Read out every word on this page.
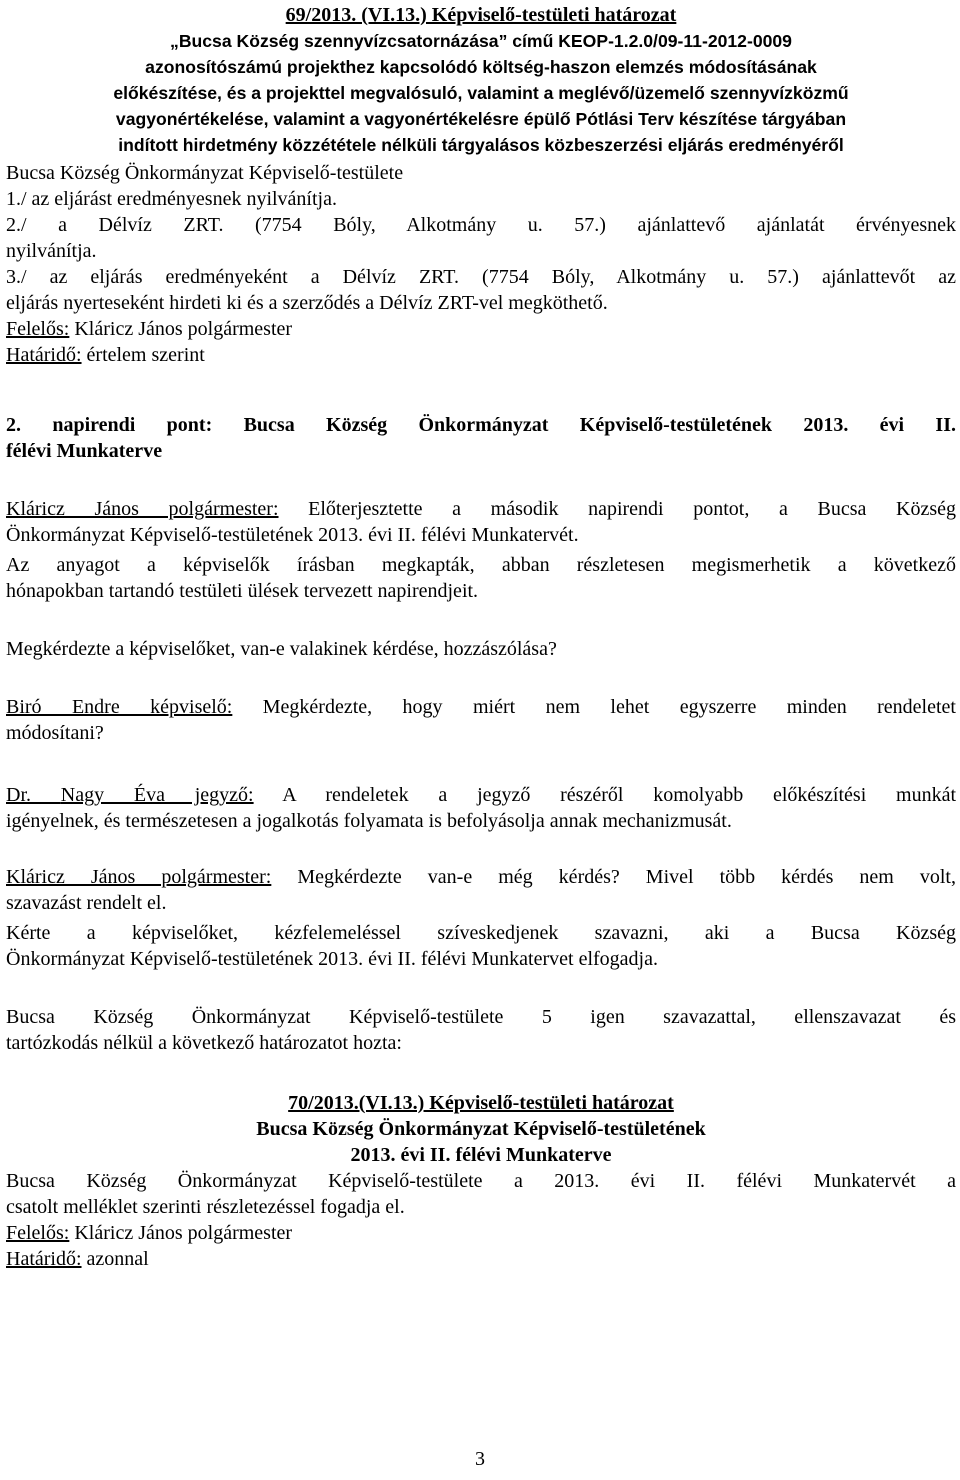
69/2013. (VI.13.) Képviselő-testületi határozat

„Bucsa Község szennyvízcsatornázása” című KEOP-1.2.0/09-11-2012-0009

azonosítószámú projekthez kapcsolódó költség-haszon elemzés módosításának

előkészítése, és a projekttel megvalósuló, valamint a meglévő/üzemelő szennyvízközmű

vagyonértékelése, valamint a vagyonértékelésre épülő Pótlási Terv készítése tárgyában

indított hirdetmény közzététele nélküli tárgyalásos közbeszerzési eljárás eredményéről

Bucsa Község Önkormányzat Képviselő-testülete

1./ az eljárást eredményesnek nyilvánítja.

2./ a Délvíz ZRT. (7754 Bóly, Alkotmány u. 57.) ajánlattevő ajánlatát érvényesnek

nyilvánítja.

3./ az eljárás eredményeként a Délvíz ZRT. (7754 Bóly, Alkotmány u. 57.) ajánlattevőt az

eljárás nyerteseként hirdeti ki és a szerződés a Délvíz ZRT-vel megköthető.

Felelős: Kláricz János polgármester

Határidő: értelem szerint

2. napirendi pont: Bucsa Község Önkormányzat Képviselő-testületének 2013. évi II.

félévi Munkaterve

Kláricz János polgármester: Előterjesztette a második napirendi pontot, a Bucsa Község

Önkormányzat Képviselő-testületének 2013. évi II. félévi Munkatervét.

Az anyagot a képviselők írásban megkapták, abban részletesen megismerhetik a következő

hónapokban tartandó testületi ülések tervezett napirendjeit.

Megkérdezte a képviselőket, van-e valakinek kérdése, hozzászólása?

Biró Endre képviselő: Megkérdezte, hogy miért nem lehet egyszerre minden rendeletet

módosítani?

Dr. Nagy Éva jegyző: A rendeletek a jegyző részéről komolyabb előkészítési munkát

igényelnek, és természetesen a jogalkotás folyamata is befolyásolja annak mechanizmusát.

Kláricz János polgármester: Megkérdezte van-e még kérdés? Mivel több kérdés nem volt,

szavazást rendelt el.

Kérte a képviselőket, kézfelemeléssel szíveskedjenek szavazni, aki a Bucsa Község

Önkormányzat Képviselő-testületének 2013. évi II. félévi Munkatervet elfogadja.

Bucsa Község Önkormányzat Képviselő-testülete 5 igen szavazattal, ellenszavazat és

tartózkodás nélkül a következő határozatot hozta:

70/2013.(VI.13.) Képviselő-testületi határozat

Bucsa Község Önkormányzat Képviselő-testületének

2013. évi II. félévi Munkaterve

Bucsa Község Önkormányzat Képviselő-testülete a 2013. évi II. félévi Munkatervét a

csatolt melléklet szerinti részletezéssel fogadja el.

Felelős: Kláricz János polgármester

Határidő: azonnal

3
